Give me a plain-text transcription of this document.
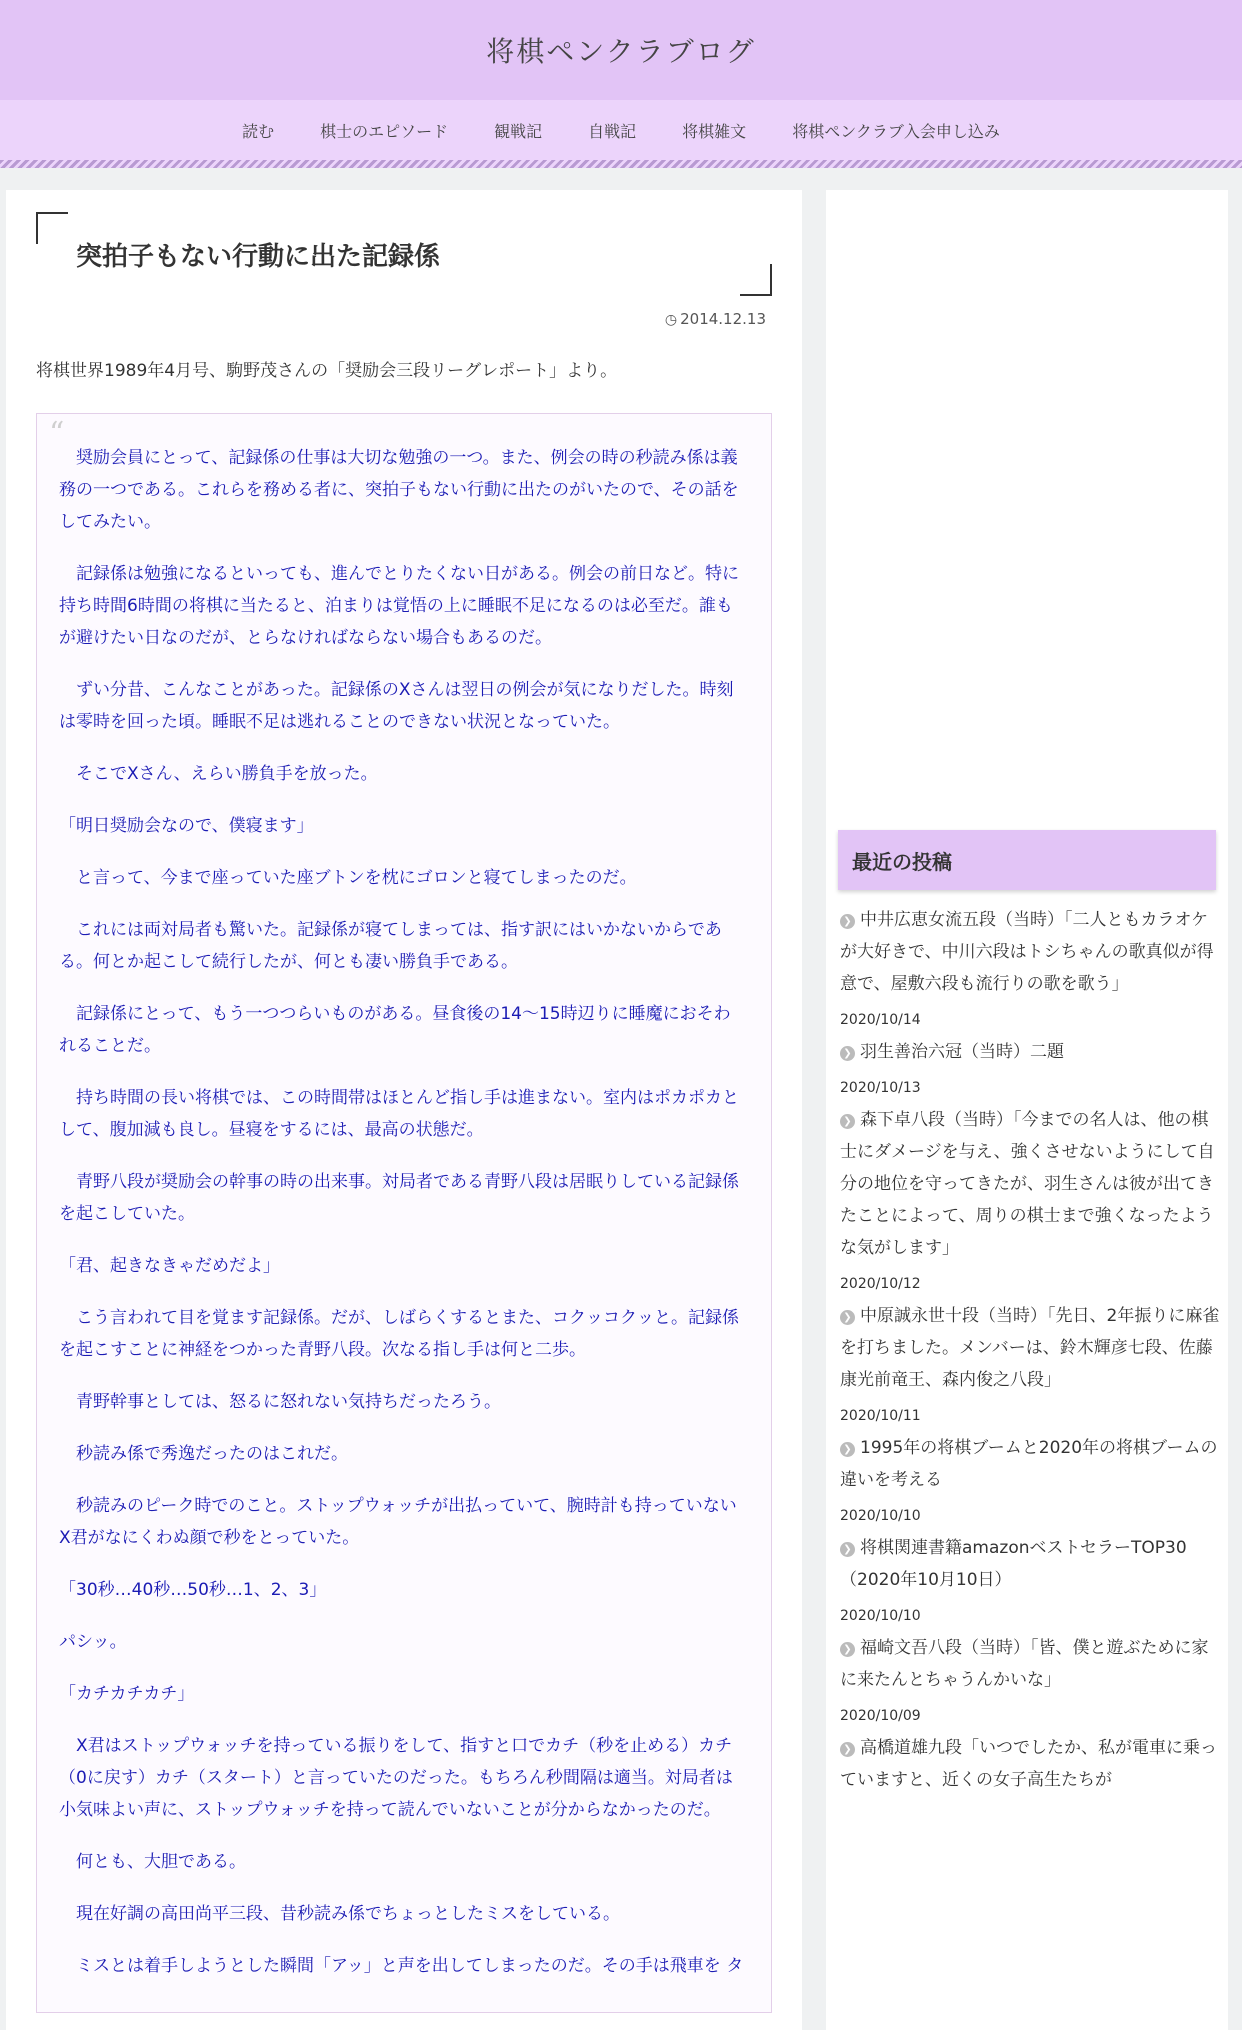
将棋ペンクラブログ
読む	棋士のエピソード	観戦記	自戦記	将棋雑文	将棋ペンクラブ入会申し込み
突拍子もない行動に出た記録係
◷ 2014.12.13

将棋世界1989年4月号、駒野茂さんの「奨励会三段リーグレポート」より。

“

　奨励会員にとって、記録係の仕事は大切な勉強の一つ。また、例会の時の秒読み係は義務の一つである。これらを務める者に、突拍子もない行動に出たのがいたので、その話をしてみたい。

　記録係は勉強になるといっても、進んでとりたくない日がある。例会の前日など。特に持ち時間6時間の将棋に当たると、泊まりは覚悟の上に睡眠不足になるのは必至だ。誰もが避けたい日なのだが、とらなければならない場合もあるのだ。

　ずい分昔、こんなことがあった。記録係のXさんは翌日の例会が気になりだした。時刻は零時を回った頃。睡眠不足は逃れることのできない状況となっていた。

　そこでXさん、えらい勝負手を放った。

「明日奨励会なので、僕寝ます」

　と言って、今まで座っていた座ブトンを枕にゴロンと寝てしまったのだ。

　これには両対局者も驚いた。記録係が寝てしまっては、指す訳にはいかないからである。何とか起こして続行したが、何とも凄い勝負手である。

　記録係にとって、もう一つつらいものがある。昼食後の14～15時辺りに睡魔におそわれることだ。

　持ち時間の長い将棋では、この時間帯はほとんど指し手は進まない。室内はポカポカとして、腹加減も良し。昼寝をするには、最高の状態だ。

　青野八段が奨励会の幹事の時の出来事。対局者である青野八段は居眠りしている記録係を起こしていた。

「君、起きなきゃだめだよ」

　こう言われて目を覚ます記録係。だが、しばらくするとまた、コクッコクッと。記録係を起こすことに神経をつかった青野八段。次なる指し手は何と二歩。

　青野幹事としては、怒るに怒れない気持ちだったろう。

　秒読み係で秀逸だったのはこれだ。

　秒読みのピーク時でのこと。ストップウォッチが出払っていて、腕時計も持っていないX君がなにくわぬ顔で秒をとっていた。

「30秒…40秒…50秒…1、2、3」

パシッ。

「カチカチカチ」

　X君はストップウォッチを持っている振りをして、指すと口でカチ（秒を止める）カチ（0に戻す）カチ（スタート）と言っていたのだった。もちろん秒間隔は適当。対局者は小気味よい声に、ストップウォッチを持って読んでいないことが分からなかったのだ。

　何とも、大胆である。

　現在好調の高田尚平三段、昔秒読み係でちょっとしたミスをしている。

　ミスとは着手しようとした瞬間「アッ」と声を出してしまったのだ。その手は飛車を タ

最近の投稿
❯ 中井広恵女流五段（当時）「二人ともカラオケが大好きで、中川六段はトシちゃんの歌真似が得意で、屋敷六段も流行りの歌を歌う」
2020/10/14
❯ 羽生善治六冠（当時）二題
2020/10/13
❯ 森下卓八段（当時）「今までの名人は、他の棋士にダメージを与え、強くさせないようにして自分の地位を守ってきたが、羽生さんは彼が出てきたことによって、周りの棋士まで強くなったような気がします」
2020/10/12
❯ 中原誠永世十段（当時）「先日、2年振りに麻雀を打ちました。メンバーは、鈴木輝彦七段、佐藤康光前竜王、森内俊之八段」
2020/10/11
❯ 1995年の将棋ブームと2020年の将棋ブームの違いを考える
2020/10/10
❯ 将棋関連書籍amazonベストセラーTOP30（2020年10月10日）
2020/10/10
❯ 福崎文吾八段（当時）「皆、僕と遊ぶために家に来たんとちゃうんかいな」
2020/10/09
❯ 高橋道雄九段「いつでしたか、私が電車に乗っていますと、近くの女子高生たちが
